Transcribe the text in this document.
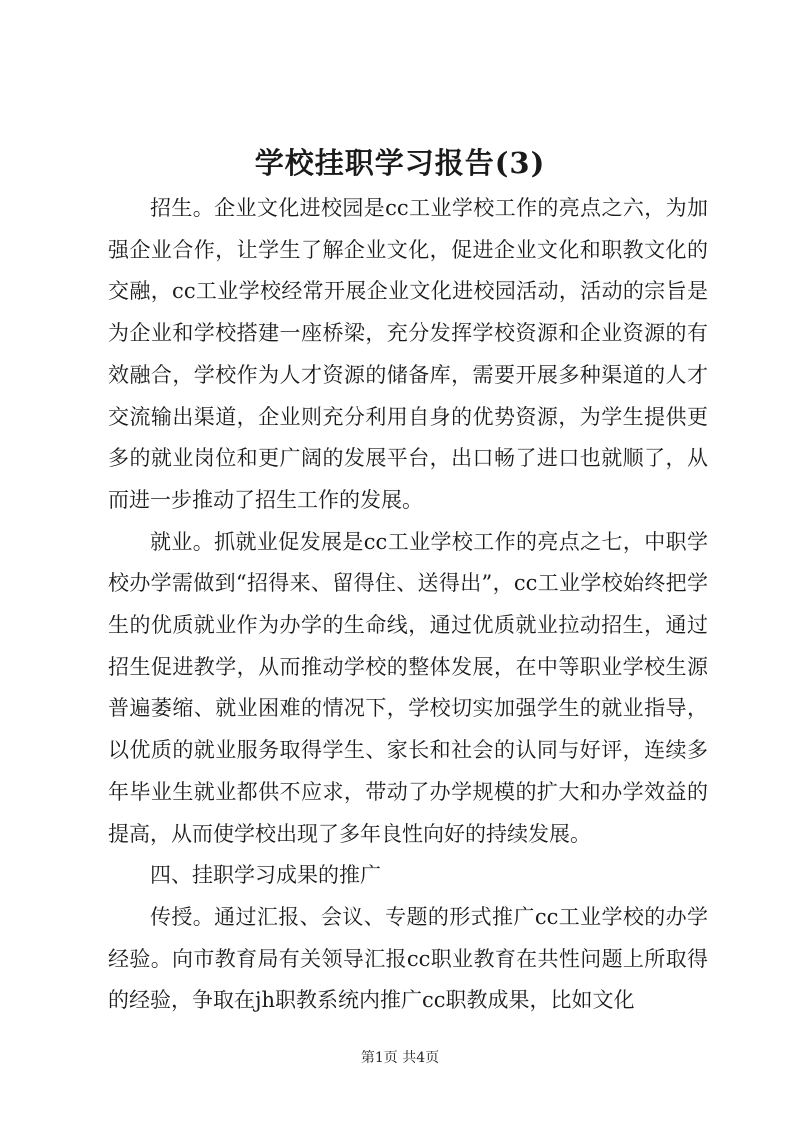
学校挂职学习报告(3)

招生。企业文化进校园是cc工业学校工作的亮点之六，为加强企业合作，让学生了解企业文化，促进企业文化和职教文化的交融，cc工业学校经常开展企业文化进校园活动，活动的宗旨是为企业和学校搭建一座桥梁，充分发挥学校资源和企业资源的有效融合，学校作为人才资源的储备库，需要开展多种渠道的人才交流输出渠道，企业则充分利用自身的优势资源，为学生提供更多的就业岗位和更广阔的发展平台，出口畅了进口也就顺了，从而进一步推动了招生工作的发展。

就业。抓就业促发展是cc工业学校工作的亮点之七，中职学校办学需做到“招得来、留得住、送得出”，cc工业学校始终把学生的优质就业作为办学的生命线，通过优质就业拉动招生，通过招生促进教学，从而推动学校的整体发展，在中等职业学校生源普遍萎缩、就业困难的情况下，学校切实加强学生的就业指导，以优质的就业服务取得学生、家长和社会的认同与好评，连续多年毕业生就业都供不应求，带动了办学规模的扩大和办学效益的提高，从而使学校出现了多年良性向好的持续发展。

四、挂职学习成果的推广

传授。通过汇报、会议、专题的形式推广cc工业学校的办学经验。向市教育局有关领导汇报cc职业教育在共性问题上所取得的经验，争取在jh职教系统内推广cc职教成果，比如文化

第1页 共4页
